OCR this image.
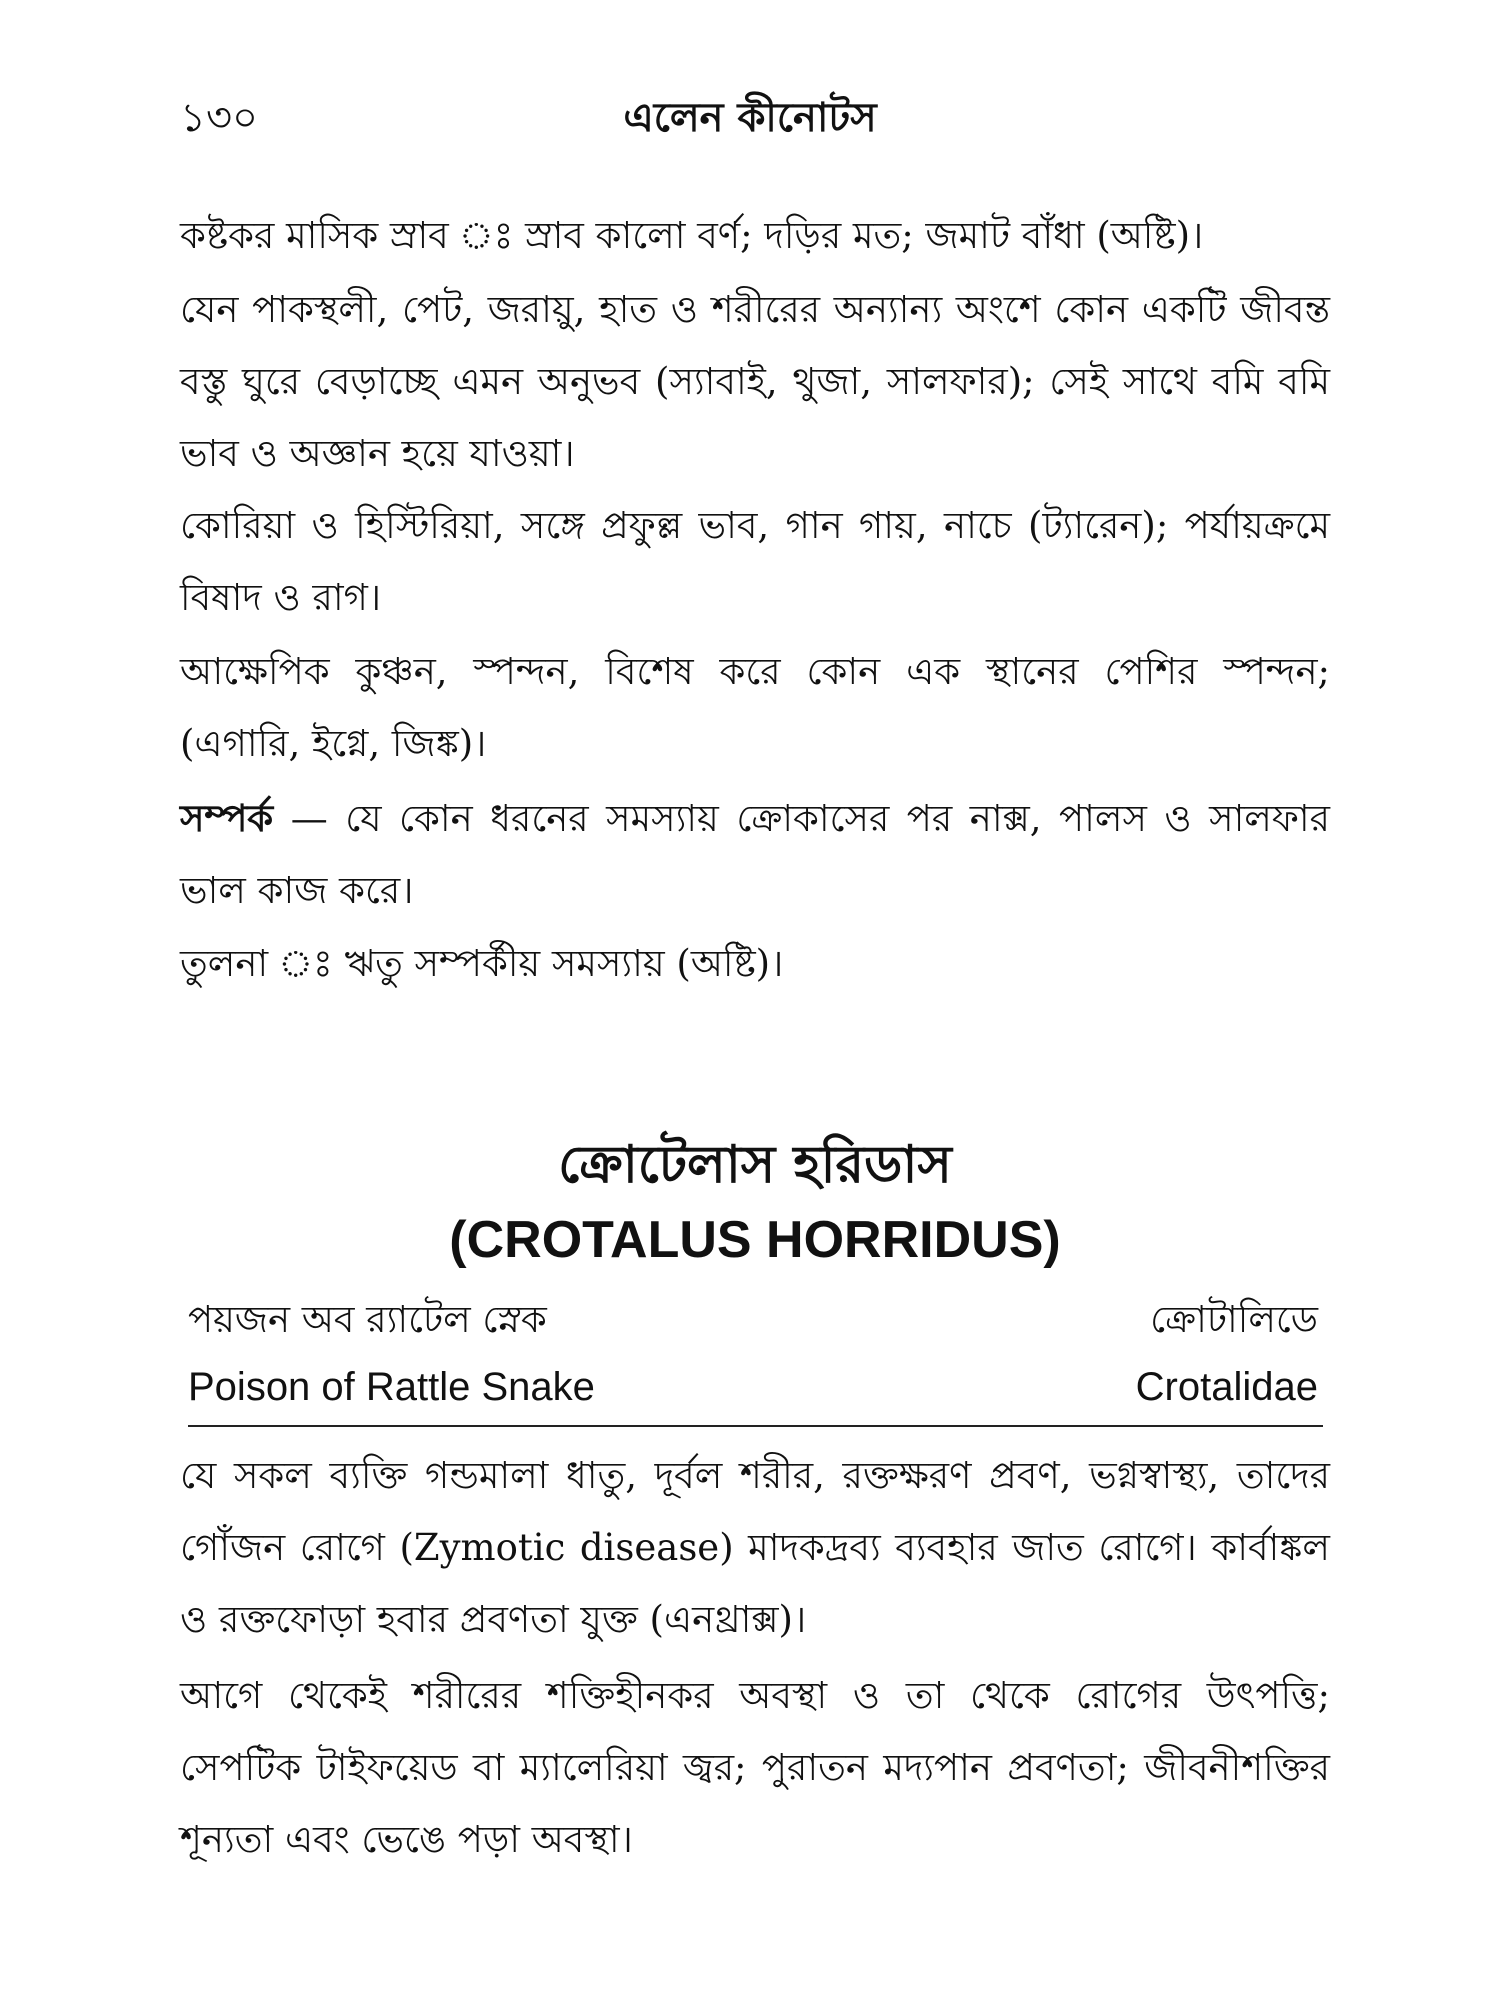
১৩০	এলেন কীনোটস

কষ্টকর মাসিক স্রাব ঃ স্রাব কালো বর্ণ; দড়ির মত; জমাট বাঁধা (অষ্টি)।

যেন পাকস্থলী, পেট, জরায়ু, হাত ও শরীরের অন্যান্য অংশে কোন একটি জীবন্ত বস্তু ঘুরে বেড়াচ্ছে এমন অনুভব (স্যাবাই, থুজা, সালফার); সেই সাথে বমি বমি ভাব ও অজ্ঞান হয়ে যাওয়া।

কোরিয়া ও হিস্টিরিয়া, সঙ্গে প্রফুল্ল ভাব, গান গায়, নাচে (ট্যারেন); পর্যায়ক্রমে বিষাদ ও রাগ।

আক্ষেপিক কুঞ্চন, স্পন্দন, বিশেষ করে কোন এক স্থানের পেশির স্পন্দন; (এগারি, ইগ্নে, জিঙ্ক)।

সম্পর্ক — যে কোন ধরনের সমস্যায় ক্রোকাসের পর নাক্স, পালস ও সালফার ভাল কাজ করে।

তুলনা ঃ ঋতু সম্পর্কীয় সমস্যায় (অষ্টি)।

ক্রোটেলাস হরিডাস
(CROTALUS HORRIDUS)
পয়জন অব র‍্যাটেল স্নেক	ক্রোটালিডে
Poison of Rattle Snake	Crotalidae

যে সকল ব্যক্তি গন্ডমালা ধাতু, দূর্বল শরীর, রক্তক্ষরণ প্রবণ, ভগ্নস্বাস্থ্য, তাদের গোঁজন রোগে (Zymotic disease) মাদকদ্রব্য ব্যবহার জাত রোগে। কার্বাঙ্কল ও রক্তফোড়া হবার প্রবণতা যুক্ত (এনথ্রাক্স)।

আগে থেকেই শরীরের শক্তিহীনকর অবস্থা ও তা থেকে রোগের উৎপত্তি; সেপটিক টাইফয়েড বা ম্যালেরিয়া জ্বর; পুরাতন মদ্যপান প্রবণতা; জীবনীশক্তির শূন্যতা এবং ভেঙে পড়া অবস্থা।
